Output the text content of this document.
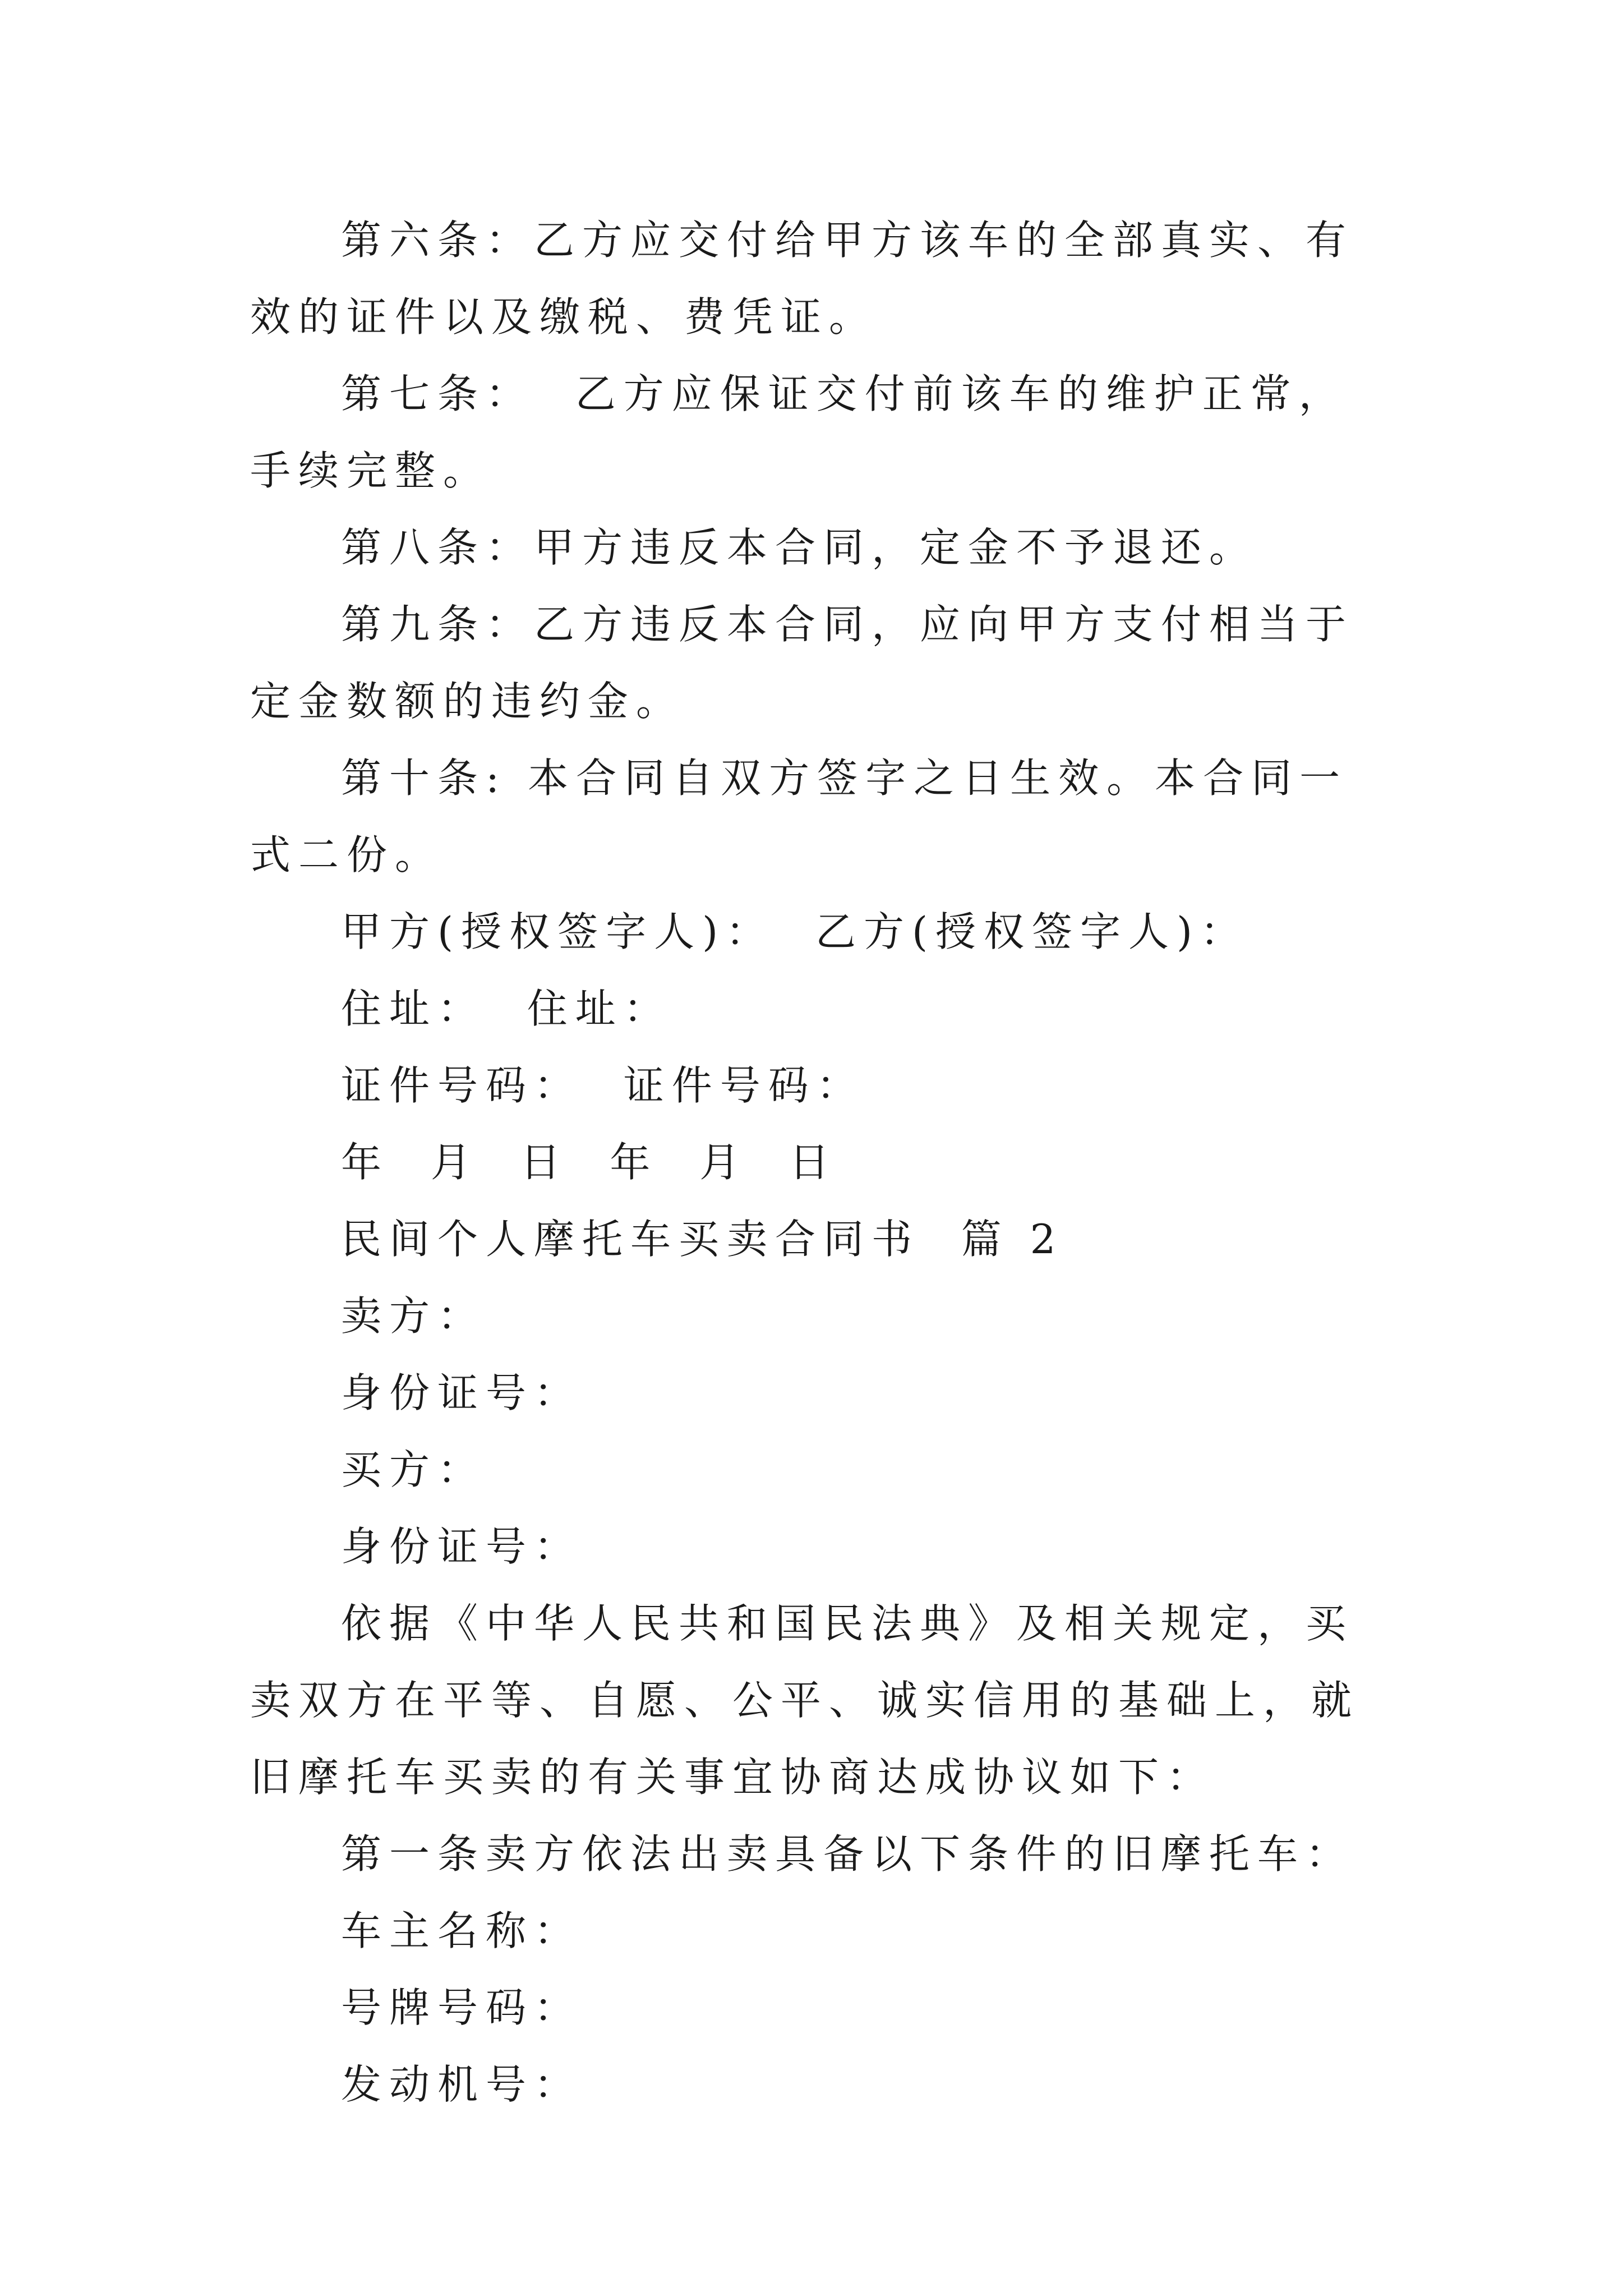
第六条：乙方应交付给甲方该车的全部真实、有效的证件以及缴税、费凭证。

第七条：  乙方应保证交付前该车的维护正常，手续完整。

第八条：甲方违反本合同，定金不予退还。

第九条：乙方违反本合同，应向甲方支付相当于定金数额的违约金。

第十条: 本合同自双方签字之日生效。本合同一式二份。

甲方(授权签字人)：  乙方(授权签字人)：

住址：  住址：

证件号码：  证件号码：

年  月  日  年  月  日

民间个人摩托车买卖合同书  篇 2

卖方：

身份证号：

买方：

身份证号：

依据《中华人民共和国民法典》及相关规定，买卖双方在平等、自愿、公平、诚实信用的基础上，就旧摩托车买卖的有关事宜协商达成协议如下：

第一条卖方依法出卖具备以下条件的旧摩托车：

车主名称：

号牌号码：

发动机号：
